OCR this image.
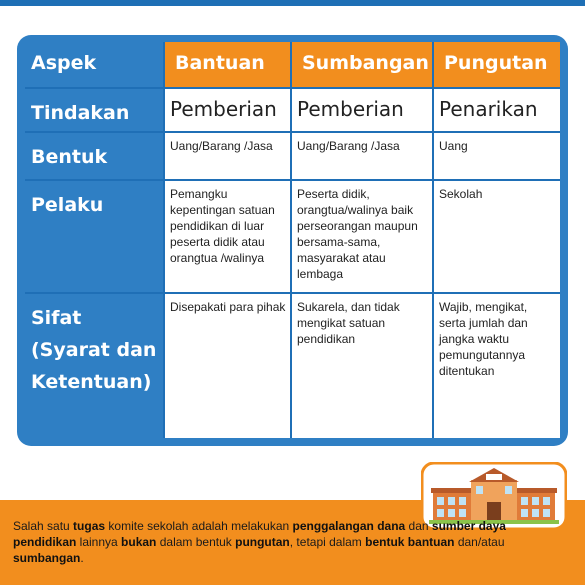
Aspek	Bantuan	Sumbangan	Pungutan
Tindakan	Pemberian	Pemberian	Penarikan
Bentuk	Uang/Barang /Jasa	Uang/Barang /Jasa	Uang
Pelaku	Pemangku kepentingan satuan pendidikan di luar peserta didik atau orangtua /walinya	Peserta didik, orangtua/walinya baik perseorangan maupun bersama-sama, masyarakat atau lembaga	Sekolah
Sifat (Syarat dan Ketentuan)	Disepakati para pihak	Sukarela, dan tidak mengikat satuan pendidikan	Wajib, mengikat, serta jumlah dan jangka waktu pemungutannya ditentukan
Salah satu tugas komite sekolah adalah melakukan penggalangan dana dan sumber daya pendidikan lainnya bukan dalam bentuk pungutan, tetapi dalam bentuk bantuan dan/atau sumbangan.
